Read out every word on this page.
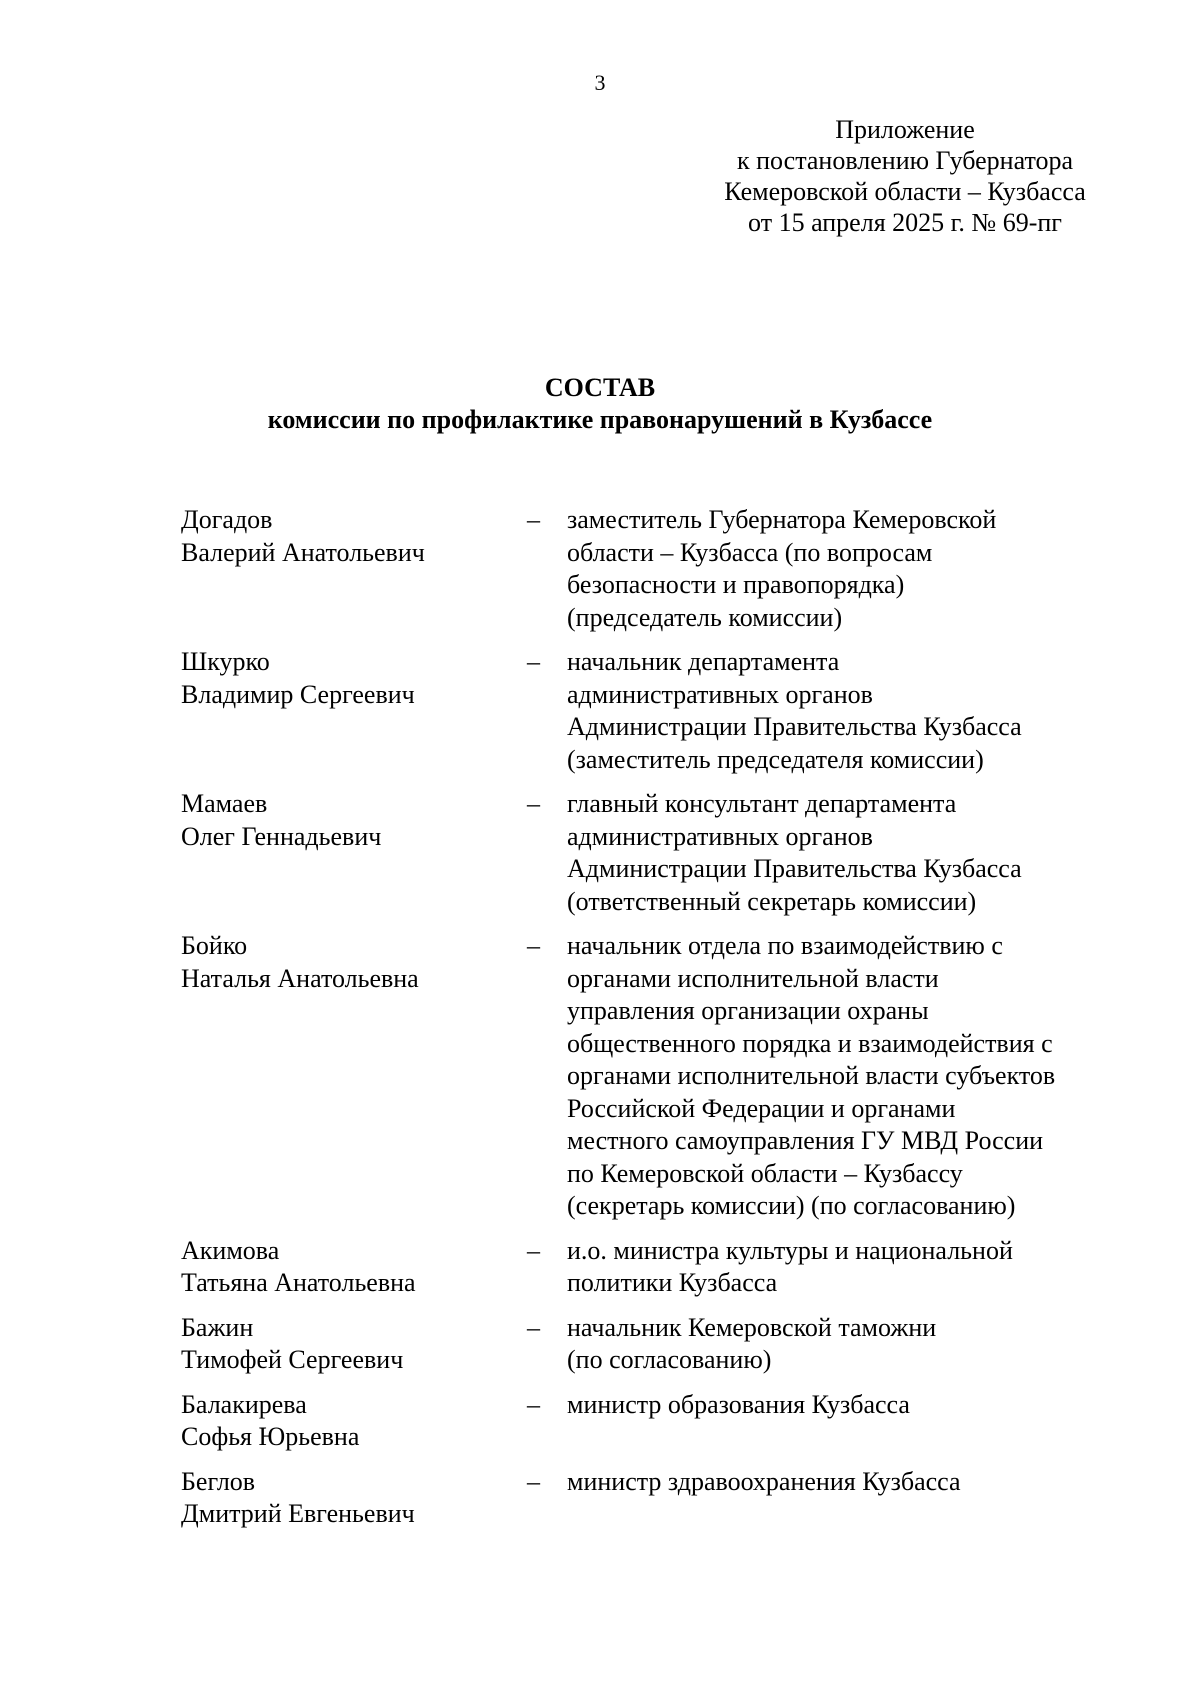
3
Приложение
к постановлению Губернатора
Кемеровской области – Кузбасса
от 15 апреля 2025 г. № 69-пг
СОСТАВ
комиссии по профилактике правонарушений в Кузбассе
Догадов
Валерий Анатольевич
– заместитель Губернатора Кемеровской
области – Кузбасса (по вопросам
безопасности и правопорядка)
(председатель комиссии)
Шкурко
Владимир Сергеевич
– начальник департамента
административных органов
Администрации Правительства Кузбасса
(заместитель председателя комиссии)
Мамаев
Олег Геннадьевич
– главный консультант департамента
административных органов
Администрации Правительства Кузбасса
(ответственный секретарь комиссии)
Бойко
Наталья Анатольевна
– начальник отдела по взаимодействию с
органами исполнительной власти
управления организации охраны
общественного порядка и взаимодействия с
органами исполнительной власти субъектов
Российской Федерации и органами
местного самоуправления ГУ МВД России
по Кемеровской области – Кузбассу
(секретарь комиссии) (по согласованию)
Акимова
Татьяна Анатольевна
– и.о. министра культуры и национальной
политики Кузбасса
Бажин
Тимофей Сергеевич
– начальник Кемеровской таможни
(по согласованию)
Балакирева
Софья Юрьевна
– министр образования Кузбасса
Беглов
Дмитрий Евгеньевич
– министр здравоохранения Кузбасса
